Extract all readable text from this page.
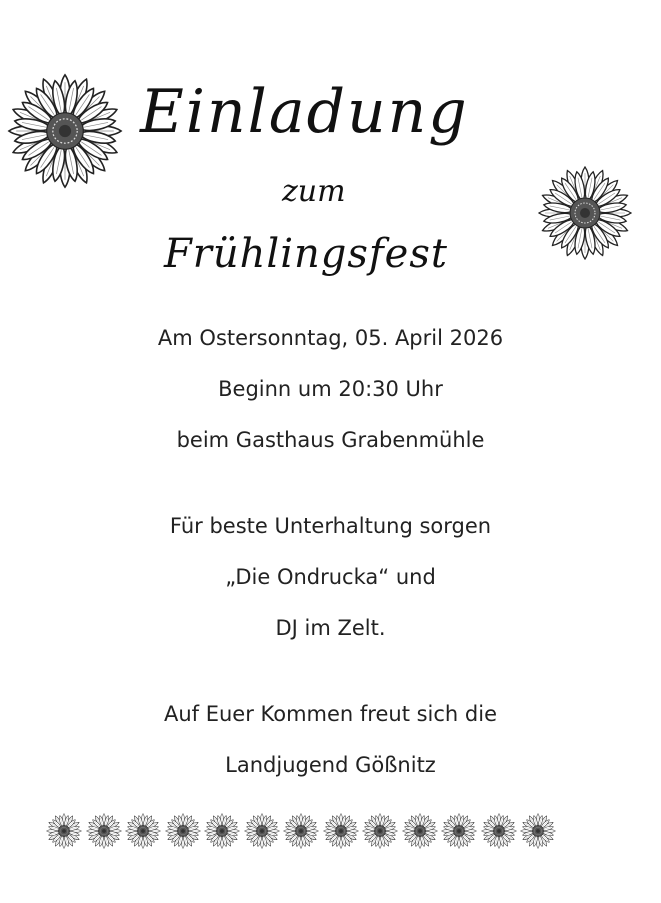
Einladung
zum
Frühlingsfest
Am Ostersonntag, 05. April 2026
Beginn um 20:30 Uhr
beim Gasthaus Grabenmühle
Für beste Unterhaltung sorgen
„Die Ondrucka“ und
DJ im Zelt.
Auf Euer Kommen freut sich die
Landjugend Gößnitz
